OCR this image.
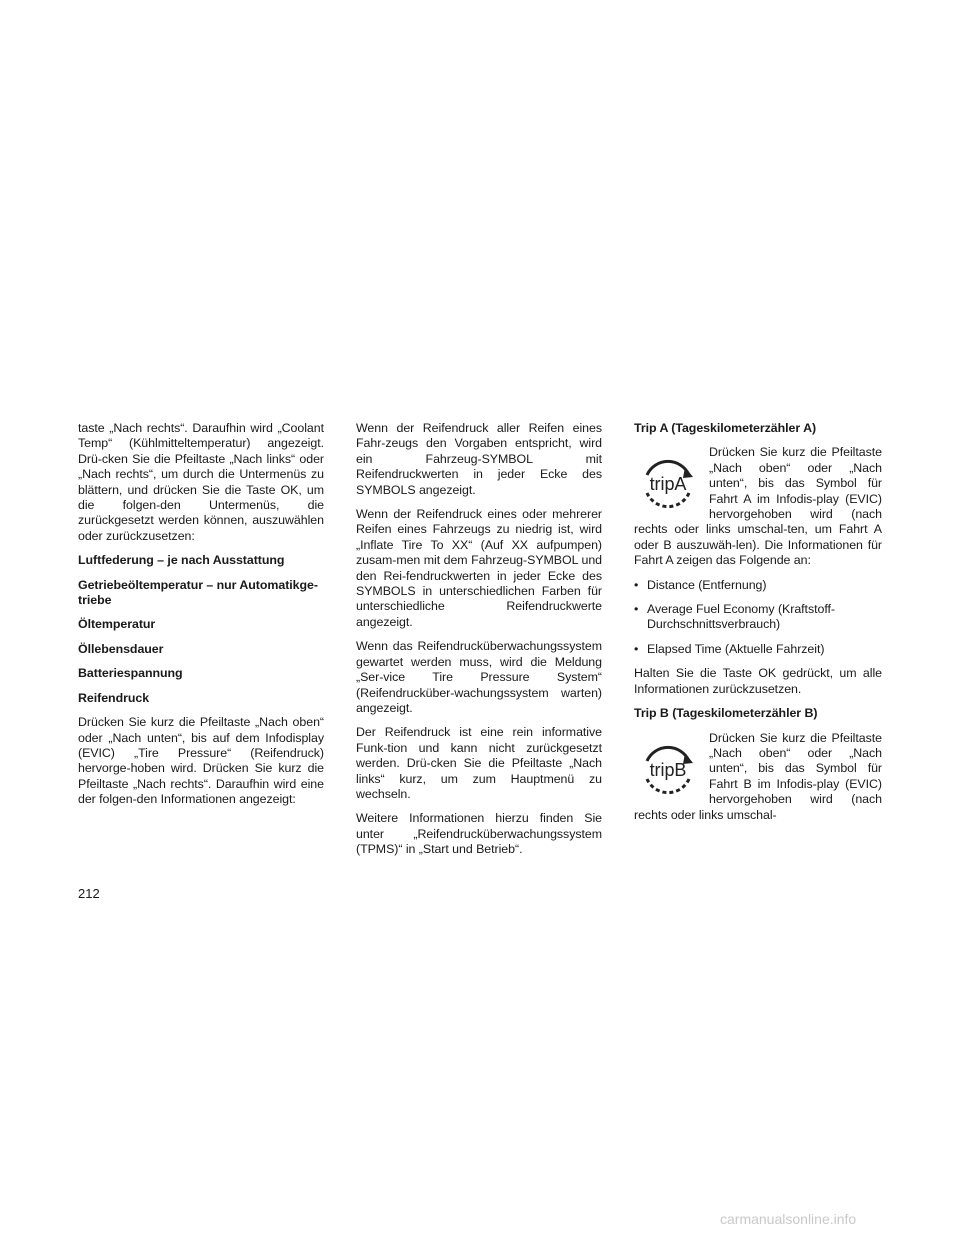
taste „Nach rechts“. Daraufhin wird „Coolant Temp“ (Kühlmitteltemperatur) angezeigt. Drü-cken Sie die Pfeiltaste „Nach links“ oder „Nach rechts“, um durch die Untermenüs zu blättern, und drücken Sie die Taste OK, um die folgen-den Untermenüs, die zurückgesetzt werden können, auszuwählen oder zurückzusetzen:

Luftfederung – je nach Ausstattung

Getriebeöltemperatur – nur Automatikge-triebe

Öltemperatur

Öllebensdauer

Batteriespannung

Reifendruck

Drücken Sie kurz die Pfeiltaste „Nach oben“ oder „Nach unten“, bis auf dem Infodisplay (EVIC) „Tire Pressure“ (Reifendruck) hervorge-hoben wird. Drücken Sie kurz die Pfeiltaste „Nach rechts“. Daraufhin wird eine der folgen-den Informationen angezeigt:

Wenn der Reifendruck aller Reifen eines Fahr-zeugs den Vorgaben entspricht, wird ein Fahrzeug-SYMBOL mit Reifendruckwerten in jeder Ecke des SYMBOLS angezeigt.

Wenn der Reifendruck eines oder mehrerer Reifen eines Fahrzeugs zu niedrig ist, wird „Inflate Tire To XX“ (Auf XX aufpumpen) zusam-men mit dem Fahrzeug-SYMBOL und den Rei-fendruckwerten in jeder Ecke des SYMBOLS in unterschiedlichen Farben für unterschiedliche Reifendruckwerte angezeigt.

Wenn das Reifendrucküberwachungssystem gewartet werden muss, wird die Meldung „Ser-vice Tire Pressure System“ (Reifendrucküber-wachungssystem warten) angezeigt.

Der Reifendruck ist eine rein informative Funk-tion und kann nicht zurückgesetzt werden. Drü-cken Sie die Pfeiltaste „Nach links“ kurz, um zum Hauptmenü zu wechseln.

Weitere Informationen hierzu finden Sie unter „Reifendrucküberwachungssystem (TPMS)“ in „Start und Betrieb“.

Trip A (Tageskilometerzähler A)

tripA

Drücken Sie kurz die Pfeiltaste „Nach oben“ oder „Nach unten“, bis das Symbol für Fahrt A im Infodis-play (EVIC) hervorgehoben wird (nach rechts oder links umschal-ten, um Fahrt A oder B auszuwäh-len). Die Informationen für Fahrt A zeigen das Folgende an:

• Distance (Entfernung)
• Average Fuel Economy (Kraftstoff-Durchschnittsverbrauch)
• Elapsed Time (Aktuelle Fahrzeit)

Halten Sie die Taste OK gedrückt, um alle Informationen zurückzusetzen.

Trip B (Tageskilometerzähler B)

tripB

Drücken Sie kurz die Pfeiltaste „Nach oben“ oder „Nach unten“, bis das Symbol für Fahrt B im Infodis-play (EVIC) hervorgehoben wird (nach rechts oder links umschal-

212
carmanualsonline.info
